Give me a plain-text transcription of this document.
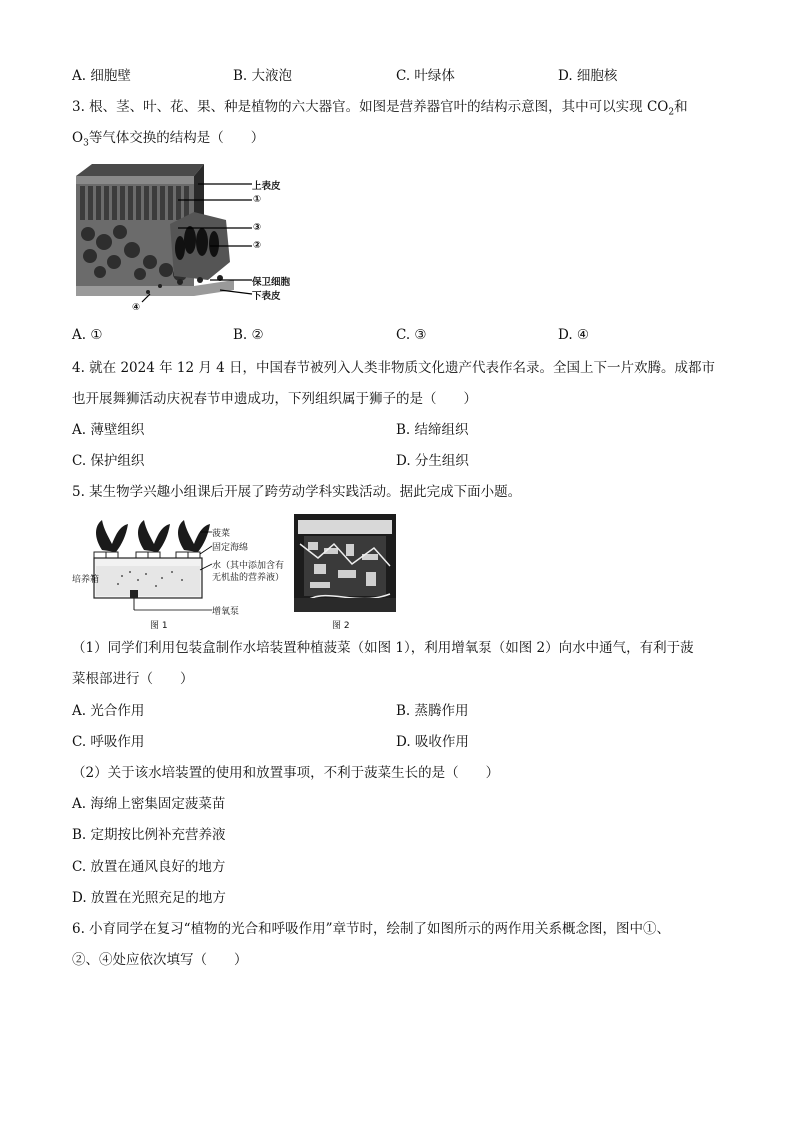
A. 细胞壁	B. 大液泡	C. 叶绿体	D. 细胞核
3. 根、茎、叶、花、果、种是植物的六大器官。如图是营养器官叶的结构示意图，其中可以实现 $CO_2$和
$O_3$等气体交换的结构是（　　）
上表皮
①
③
②
保卫细胞
下表皮
④
A. ①	B. ②	C. ③	D. ④
4. 就在 2024 年 12 月 4 日，中国春节被列入人类非物质文化遗产代表作名录。全国上下一片欢腾。成都市
也开展舞狮活动庆祝春节申遗成功，下列组织属于狮子的是（　　）
A. 薄壁组织	B. 结缔组织
C. 保护组织	D. 分生组织
5. 某生物学兴趣小组课后开展了跨劳动学科实践活动。据此完成下面小题。
菠菜
固定海绵
水（其中添加含有
无机盐的营养液）
培养箱
增氧泵
图 1	图 2
（1）同学们利用包装盒制作水培装置种植菠菜（如图 1），利用增氧泵（如图 2）向水中通气，有利于菠
菜根部进行（　　）
A. 光合作用	B. 蒸腾作用
C. 呼吸作用	D. 吸收作用
（2）关于该水培装置的使用和放置事项，不利于菠菜生长的是（　　）
A. 海绵上密集固定菠菜苗
B. 定期按比例补充营养液
C. 放置在通风良好的地方
D. 放置在光照充足的地方
6. 小育同学在复习“植物的光合和呼吸作用”章节时，绘制了如图所示的两作用关系概念图，图中①、
②、④处应依次填写（　　）
